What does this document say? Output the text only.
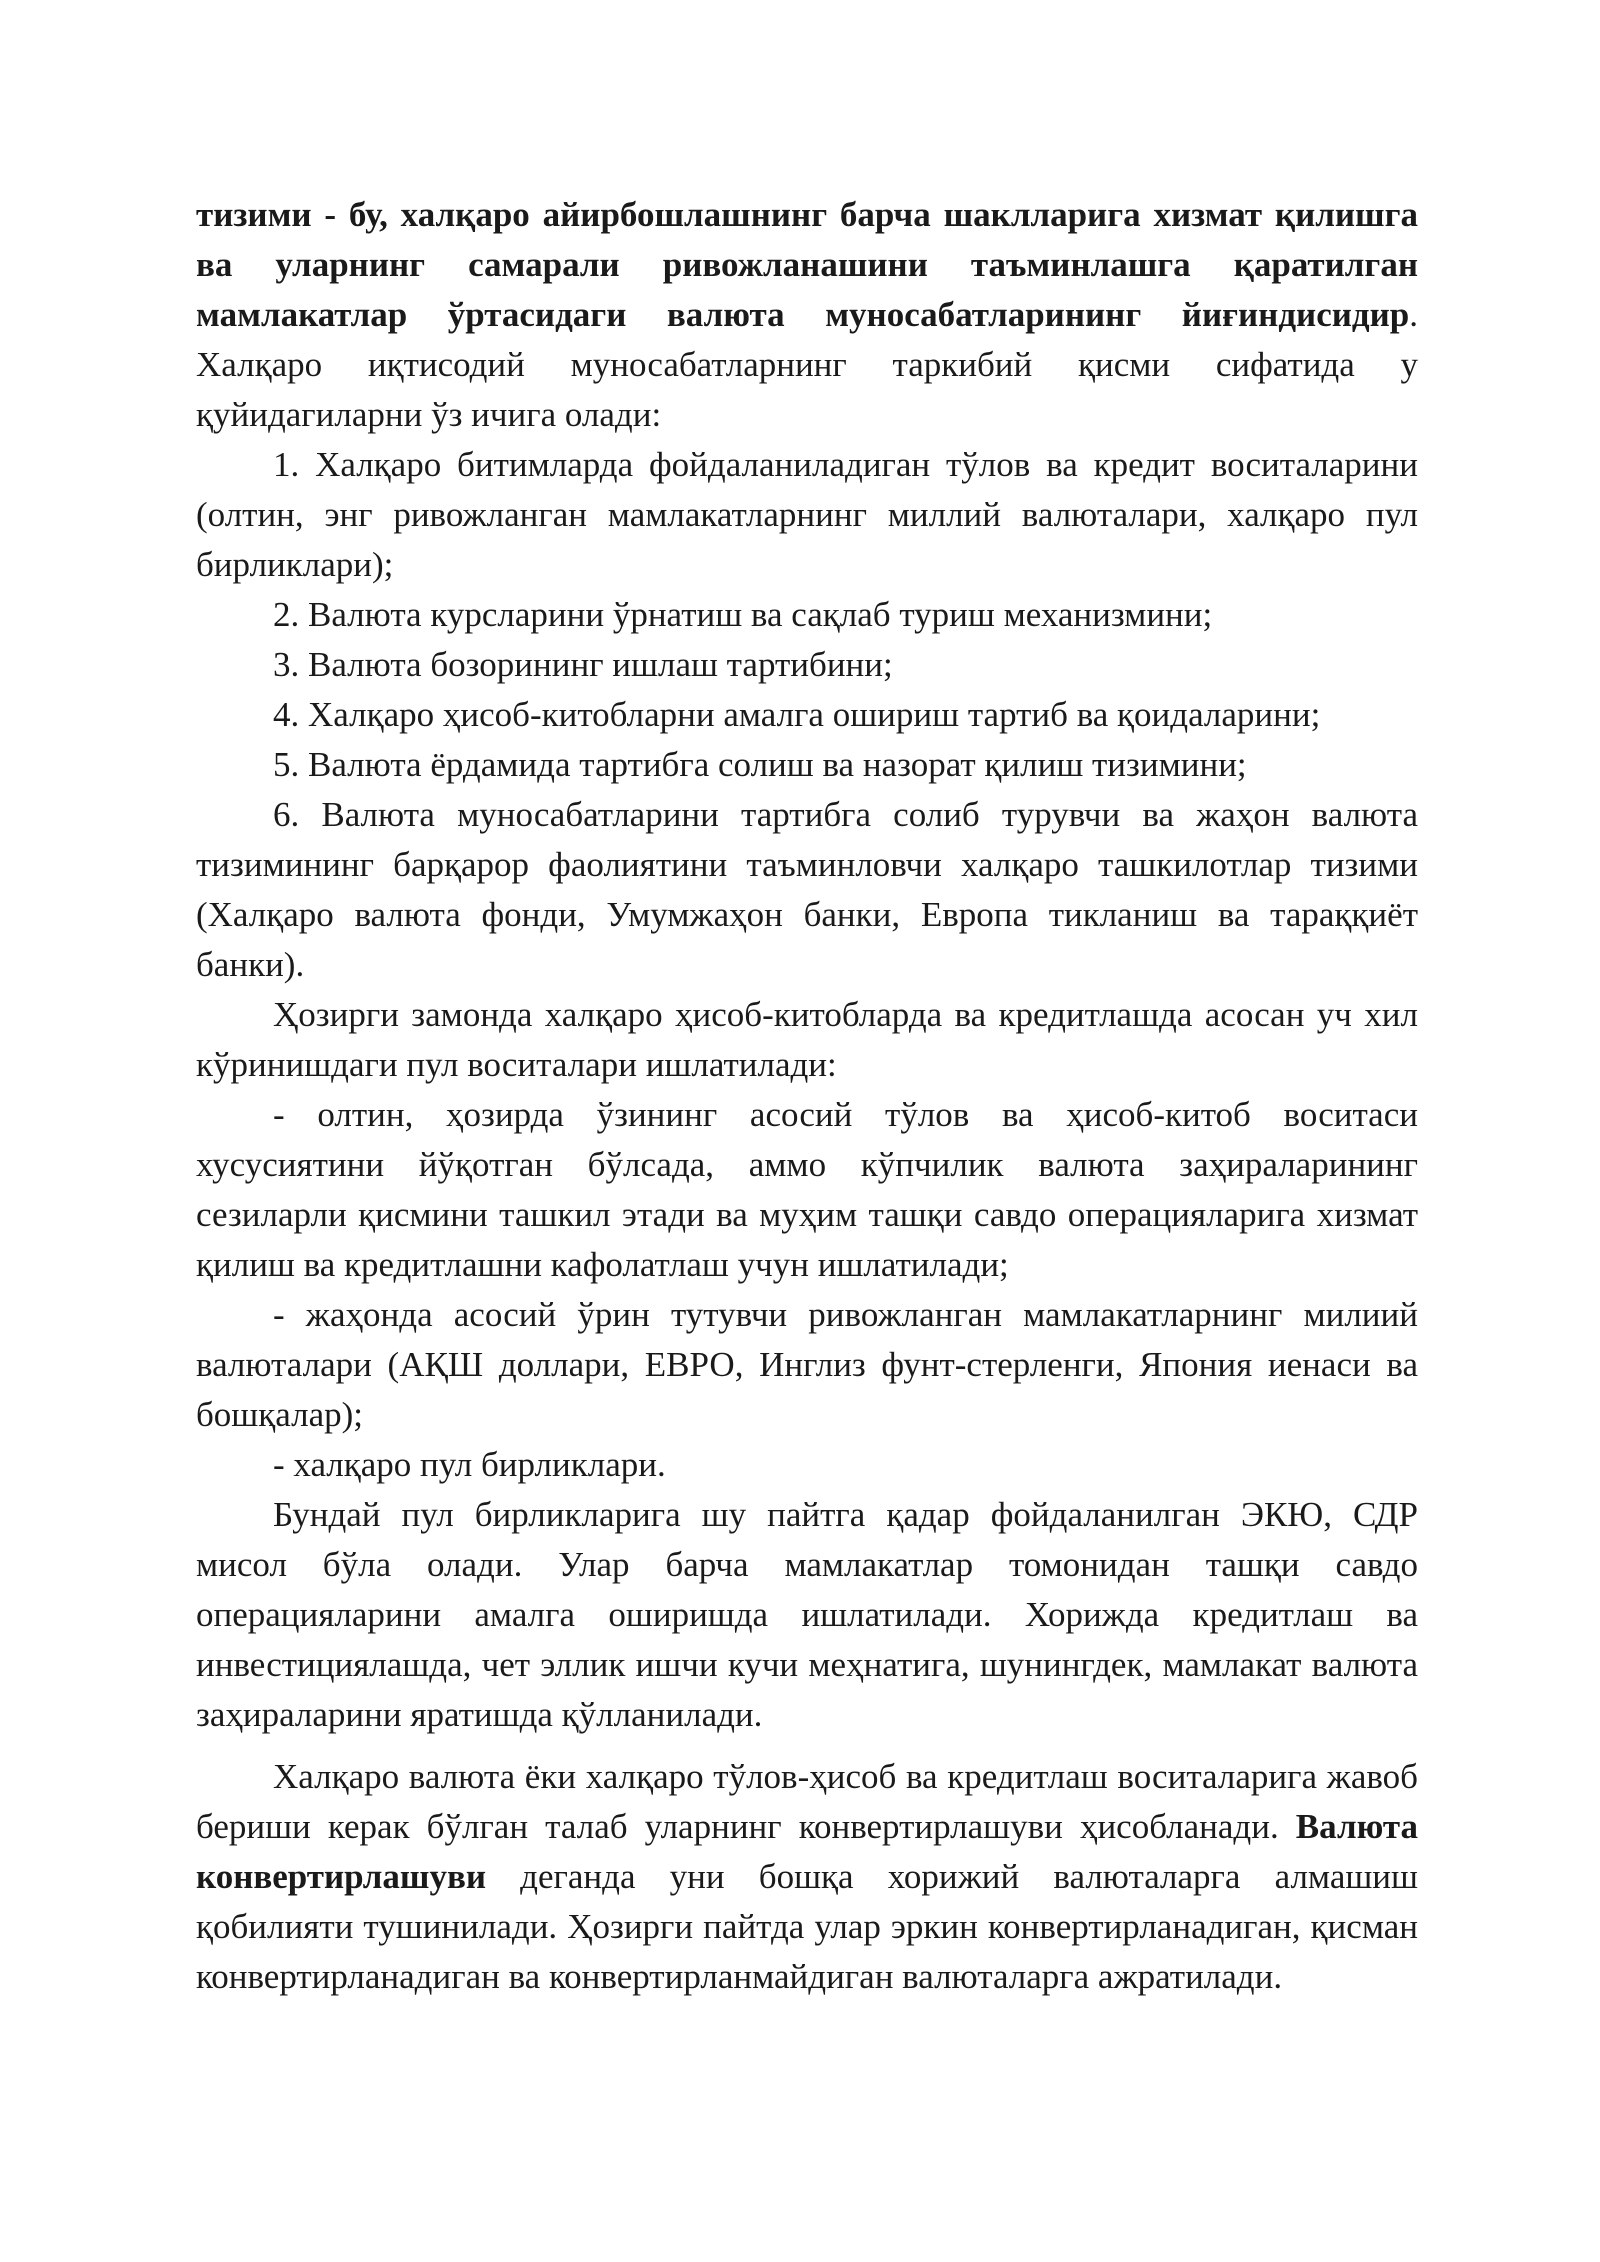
тизими - бу, халқаро айирбошлашнинг барча шаклларига хизмат қилишга ва уларнинг самарали ривожланашини таъминлашга қаратилган мамлакатлар ўртасидаги валюта муносабатларининг йиғиндисидир. Халқаро иқтисодий муносабатларнинг таркибий қисми сифатида у қуйидагиларни ўз ичига олади:

1. Халқаро битимларда фойдаланиладиган тўлов ва кредит воситаларини (олтин, энг ривожланган мамлакатларнинг миллий валюталари, халқаро пул бирликлари);

2. Валюта курсларини ўрнатиш ва сақлаб туриш механизмини;

3. Валюта бозорининг ишлаш тартибини;

4. Халқаро ҳисоб-китобларни амалга ошириш тартиб ва қоидаларини;

5. Валюта ёрдамида тартибга солиш ва назорат қилиш тизимини;

6. Валюта муносабатларини тартибга солиб турувчи ва жаҳон валюта тизимининг барқарор фаолиятини таъминловчи халқаро ташкилотлар тизими (Халқаро валюта фонди, Умумжаҳон банки, Европа тикланиш ва тараққиёт банки).

Ҳозирги замонда халқаро ҳисоб-китобларда ва кредитлашда асосан уч хил кўринишдаги пул воситалари ишлатилади:

- олтин, ҳозирда ўзининг асосий тўлов ва ҳисоб-китоб воситаси хусусиятини йўқотган бўлсада, аммо кўпчилик валюта заҳираларининг сезиларли қисмини ташкил этади ва муҳим ташқи савдо операцияларига хизмат қилиш ва кредитлашни кафолатлаш учун ишлатилади;

- жаҳонда асосий ўрин тутувчи ривожланган мамлакатларнинг милиий валюталари (АҚШ доллари, ЕВРО, Инглиз фунт-стерленги, Япония иенаси ва бошқалар);

- халқаро пул бирликлари.

Бундай пул бирликларига шу пайтга қадар фойдаланилган ЭКЮ, СДР мисол бўла олади. Улар барча мамлакатлар томонидан ташқи савдо операцияларини амалга оширишда ишлатилади. Хорижда кредитлаш ва инвестициялашда, чет эллик ишчи кучи меҳнатига, шунингдек, мамлакат валюта заҳираларини яратишда қўлланилади.

Халқаро валюта ёки халқаро тўлов-ҳисоб ва кредитлаш воситаларига жавоб бериши керак бўлган талаб уларнинг конвертирлашуви ҳисобланади. Валюта конвертирлашуви деганда уни бошқа хорижий валюталарга алмашиш қобилияти тушинилади. Ҳозирги пайтда улар эркин конвертирланадиган, қисман конвертирланадиган ва конвертирланмайдиган валюталарга ажратилади.
